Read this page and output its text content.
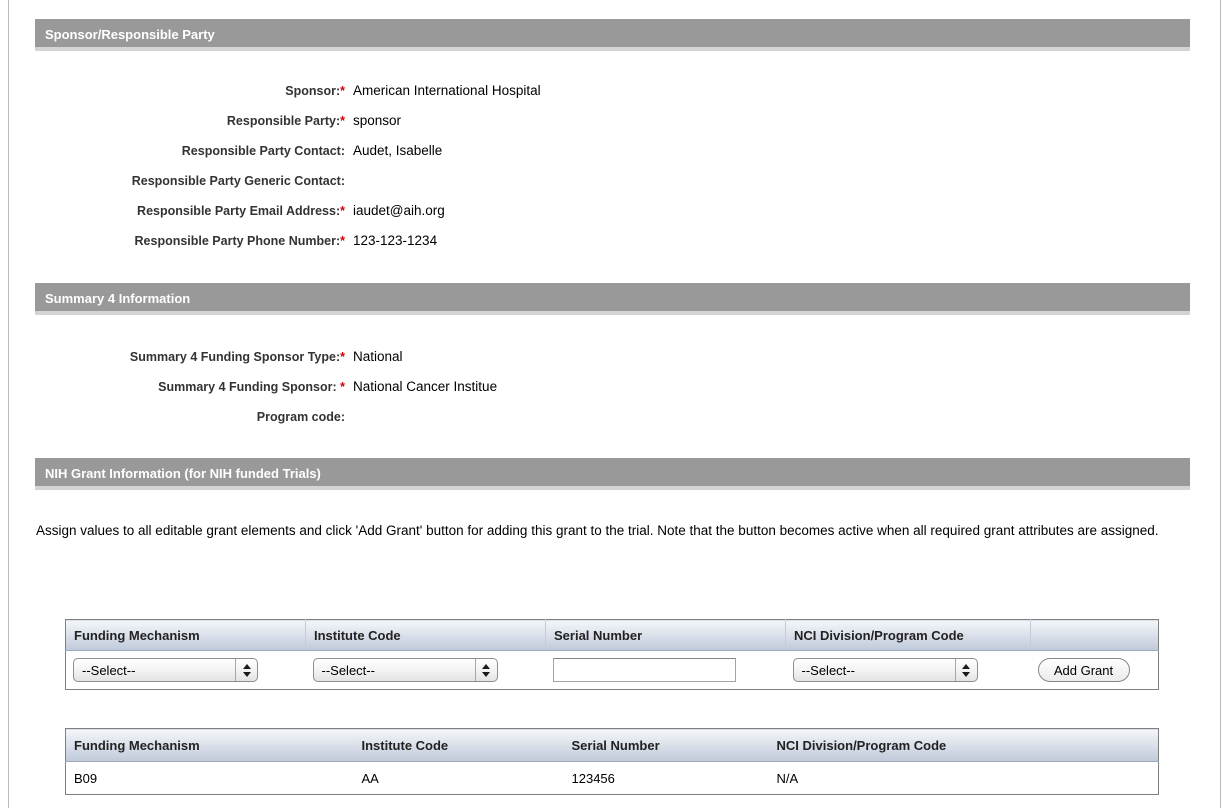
Sponsor/Responsible Party
Sponsor:* American International Hospital
Responsible Party:* sponsor
Responsible Party Contact: Audet, Isabelle
Responsible Party Generic Contact:
Responsible Party Email Address:* iaudet@aih.org
Responsible Party Phone Number:* 123-123-1234
Summary 4 Information
Summary 4 Funding Sponsor Type:* National
Summary 4 Funding Sponsor: * National Cancer Institue
Program code:
NIH Grant Information (for NIH funded Trials)
Assign values to all editable grant elements and click 'Add Grant' button for adding this grant to the trial. Note that the button becomes active when all required grant attributes are assigned.
Funding Mechanism	Institute Code	Serial Number	NCI Division/Program Code	

--Select--	--Select--		--Select--	Add Grant
Funding Mechanism	Institute Code	Serial Number	NCI Division/Program Code
B09	AA	123456	N/A
